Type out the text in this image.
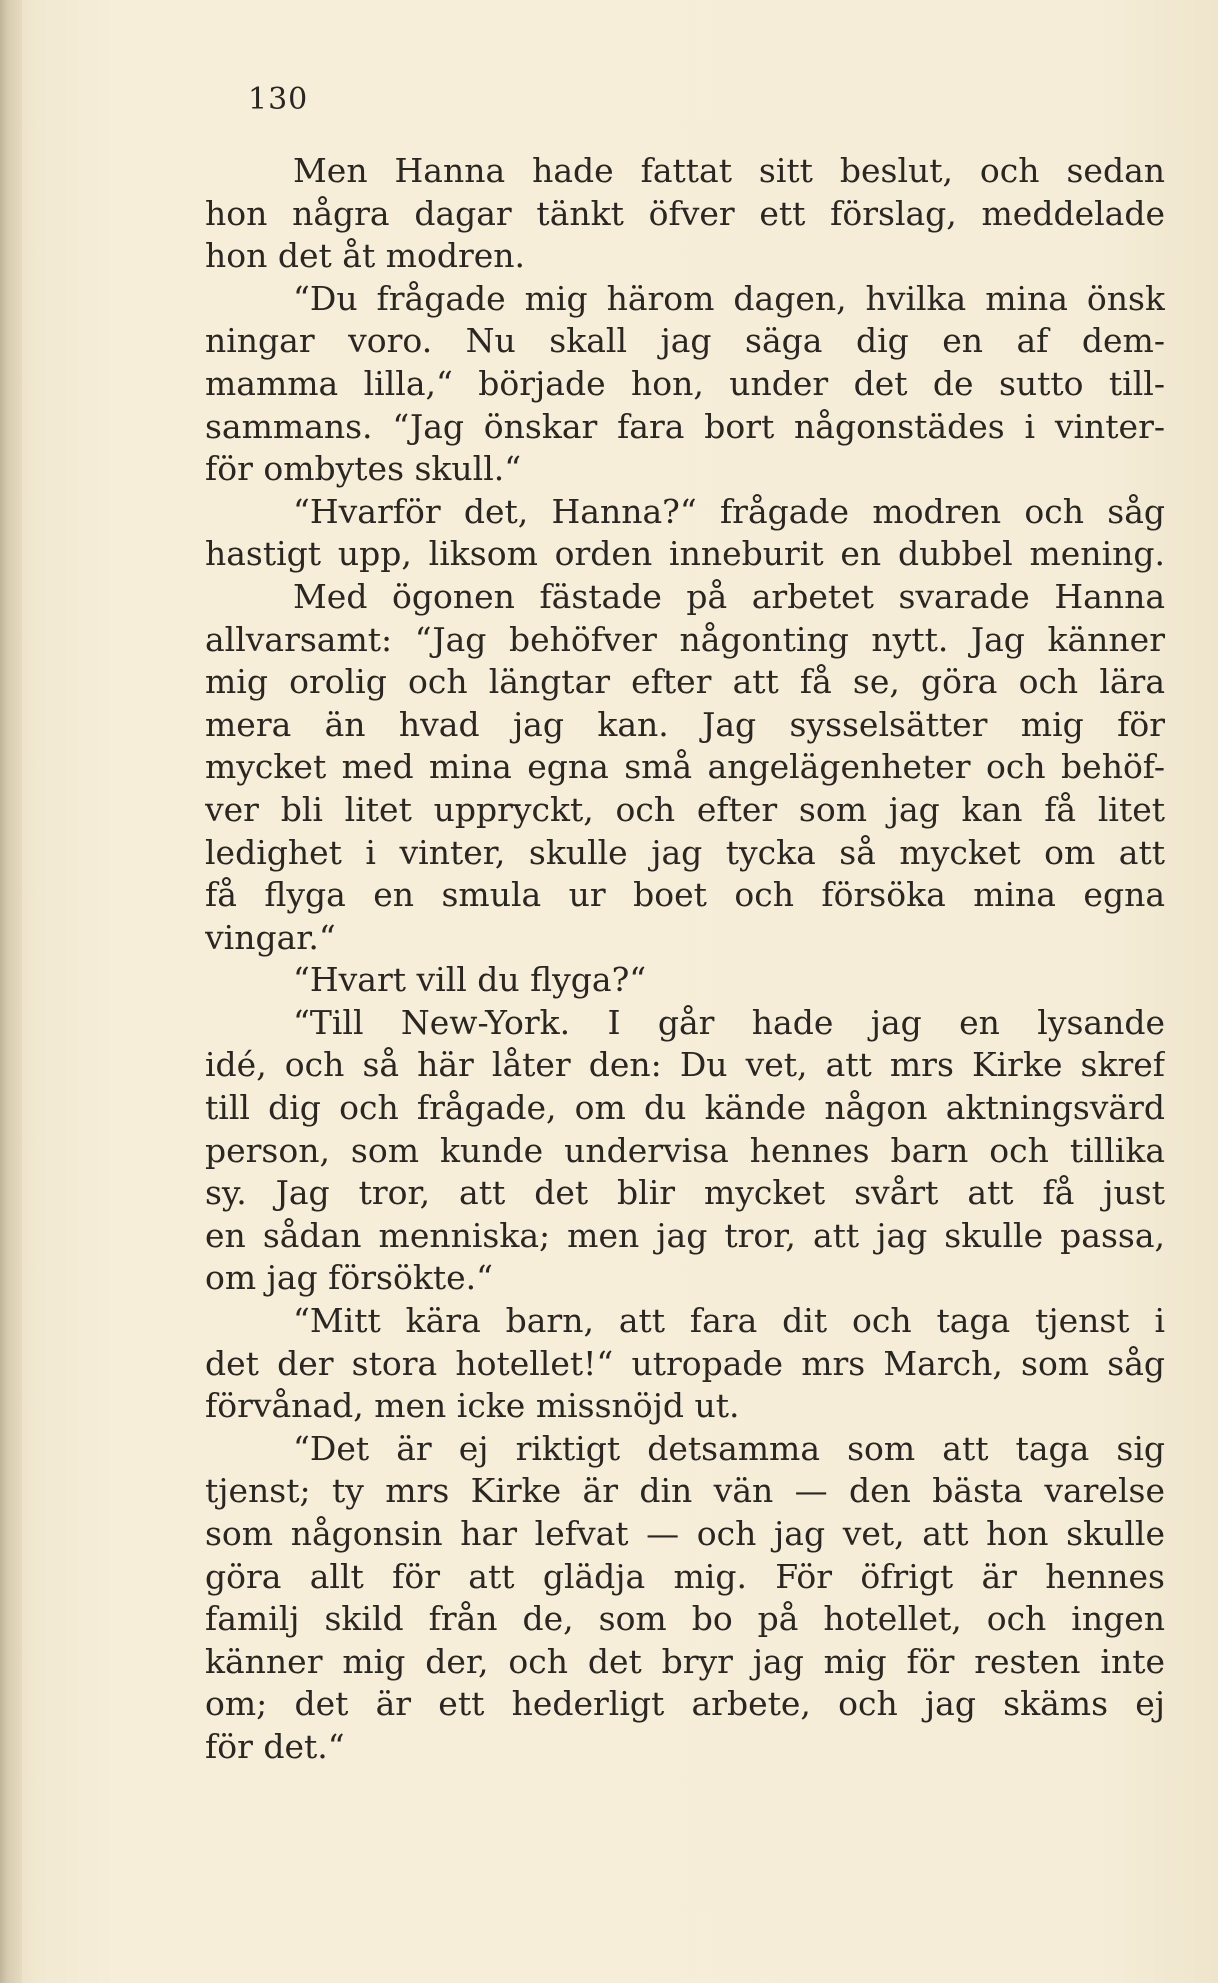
130
Men Hanna hade fattat sitt beslut, och sedan
hon några dagar tänkt öfver ett förslag, meddelade
hon det åt modren.
“Du frågade mig härom dagen, hvilka mina önsk
ningar voro. Nu skall jag säga dig en af dem-
mamma lilla,“ började hon, under det de sutto till-
sammans. “Jag önskar fara bort någonstädes i vinter-
för ombytes skull.“
“Hvarför det, Hanna?“ frågade modren och såg
hastigt upp, liksom orden inneburit en dubbel mening.
Med ögonen fästade på arbetet svarade Hanna
allvarsamt: “Jag behöfver någonting nytt. Jag känner
mig orolig och längtar efter att få se, göra och lära
mera än hvad jag kan. Jag sysselsätter mig för
mycket med mina egna små angelägenheter och behöf-
ver bli litet uppryckt, och efter som jag kan få litet
ledighet i vinter, skulle jag tycka så mycket om att
få flyga en smula ur boet och försöka mina egna
vingar.“
“Hvart vill du flyga?“
“Till New-York. I går hade jag en lysande
idé, och så här låter den: Du vet, att mrs Kirke skref
till dig och frågade, om du kände någon aktningsvärd
person, som kunde undervisa hennes barn och tillika
sy. Jag tror, att det blir mycket svårt att få just
en sådan menniska; men jag tror, att jag skulle passa,
om jag försökte.“
“Mitt kära barn, att fara dit och taga tjenst i
det der stora hotellet!“ utropade mrs March, som såg
förvånad, men icke missnöjd ut.
“Det är ej riktigt detsamma som att taga sig
tjenst; ty mrs Kirke är din vän — den bästa varelse
som någonsin har lefvat — och jag vet, att hon skulle
göra allt för att glädja mig. För öfrigt är hennes
familj skild från de, som bo på hotellet, och ingen
känner mig der, och det bryr jag mig för resten inte
om; det är ett hederligt arbete, och jag skäms ej
för det.“
